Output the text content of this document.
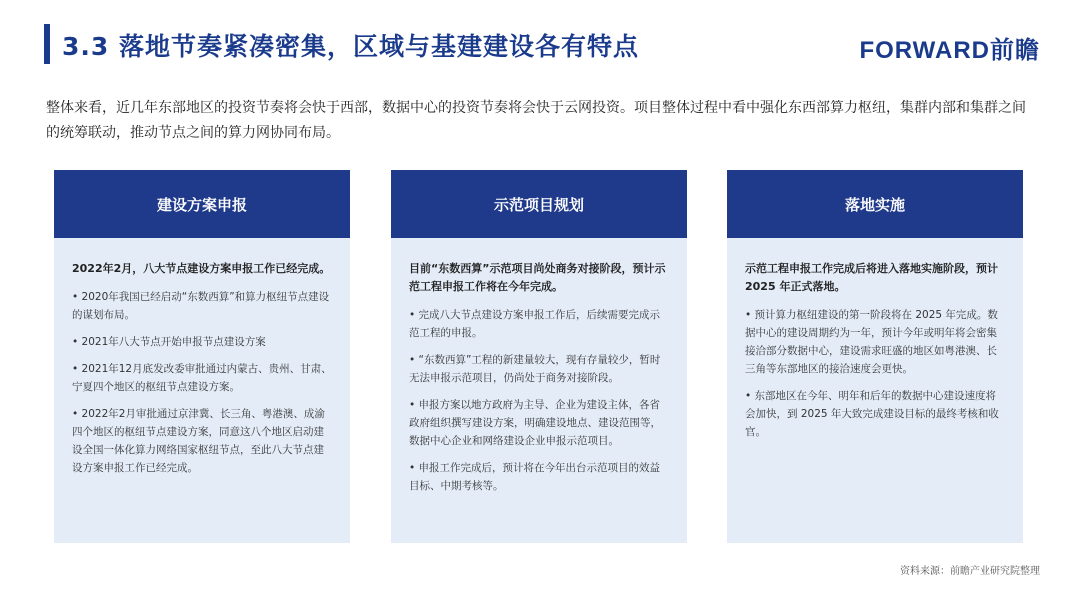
3.3 落地节奏紧凑密集，区域与基建建设各有特点	FORWARD前瞻

整体来看，近几年东部地区的投资节奏将会快于西部，数据中心的投资节奏将会快于云网投资。项目整体过程中看中强化东西部算力枢纽，集群内部和集群之间的统筹联动，推动节点之间的算力网协同布局。

建设方案申报
2022年2月，八大节点建设方案申报工作已经完成。
• 2020年我国已经启动“东数西算”和算力枢纽节点建设的谋划布局。
• 2021年八大节点开始申报节点建设方案
• 2021年12月底发改委审批通过内蒙古、贵州、甘肃、宁夏四个地区的枢纽节点建设方案。
• 2022年2月审批通过京津冀、长三角、粤港澳、成渝四个地区的枢纽节点建设方案，同意这八个地区启动建设全国一体化算力网络国家枢纽节点，至此八大节点建设方案申报工作已经完成。
示范项目规划
目前“东数西算”示范项目尚处商务对接阶段，预计示范工程申报工作将在今年完成。
• 完成八大节点建设方案申报工作后，后续需要完成示范工程的申报。
• “东数西算”工程的新建量较大，现有存量较少，暂时无法申报示范项目，仍尚处于商务对接阶段。
• 申报方案以地方政府为主导、企业为建设主体，各省政府组织撰写建设方案，明确建设地点、建设范围等，数据中心企业和网络建设企业申报示范项目。
• 申报工作完成后，预计将在今年出台示范项目的效益目标、中期考核等。
落地实施
示范工程申报工作完成后将进入落地实施阶段，预计 2025 年正式落地。
• 预计算力枢纽建设的第一阶段将在 2025 年完成。数据中心的建设周期约为一年，预计今年或明年将会密集接洽部分数据中心，建设需求旺盛的地区如粤港澳、长三角等东部地区的接洽速度会更快。
• 东部地区在今年、明年和后年的数据中心建设速度将会加快，到 2025 年大致完成建设目标的最终考核和收官。
资料来源：前瞻产业研究院整理
